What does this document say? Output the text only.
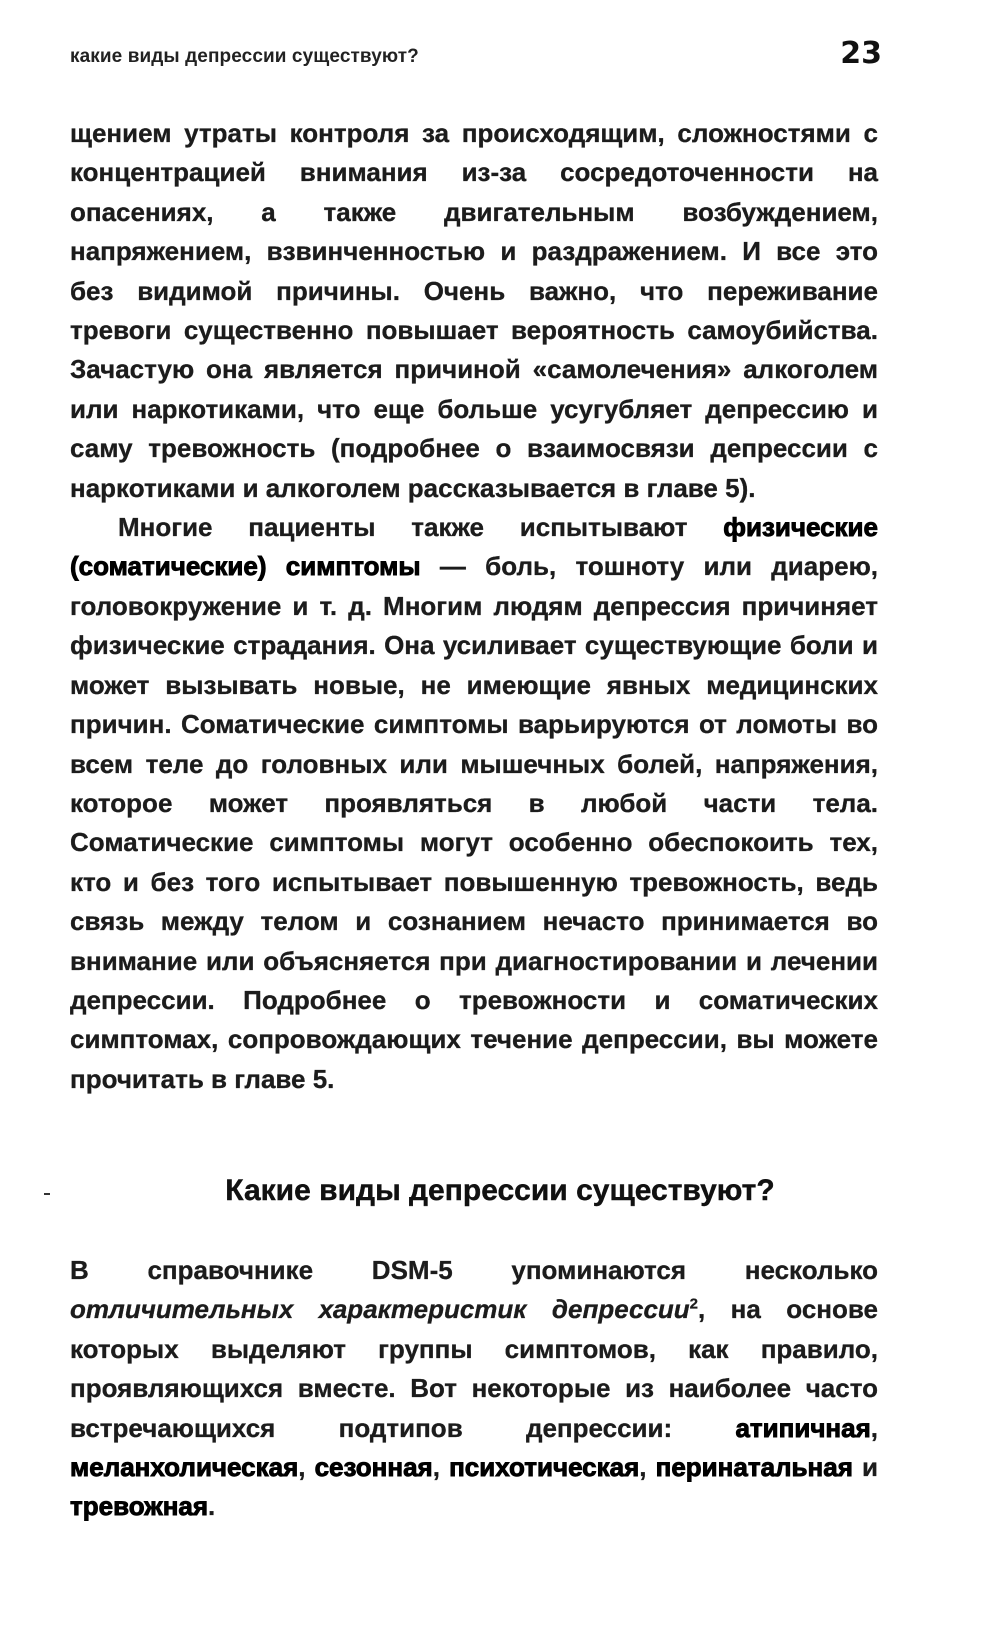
какие виды депрессии существуют?	23

щением утраты контроля за происходящим, сложностями с концентрацией внимания из-за сосредоточенности на опасениях, а также двигательным возбуждением, напряжением, взвинченностью и раздражением. И все это без видимой причины. Очень важно, что переживание тревоги существенно повышает вероятность самоубийства. Зачастую она является причиной «самолечения» алкоголем или наркотиками, что еще больше усугубляет депрессию и саму тревожность (подробнее о взаимосвязи депрессии с наркотиками и алкоголем рассказывается в главе 5).

Многие пациенты также испытывают физические (соматические) симптомы — боль, тошноту или диарею, головокружение и т. д. Многим людям депрессия причиняет физические страдания. Она усиливает существующие боли и может вызывать новые, не имеющие явных медицинских причин. Соматические симптомы варьируются от ломоты во всем теле до головных или мышечных болей, напряжения, которое может проявляться в любой части тела. Соматические симптомы могут особенно обеспокоить тех, кто и без того испытывает повышенную тревожность, ведь связь между телом и сознанием нечасто принимается во внимание или объясняется при диагностировании и лечении депрессии. Подробнее о тревожности и соматических симптомах, сопровождающих течение депрессии, вы можете прочитать в главе 5.

Какие виды депрессии существуют?

В справочнике DSM-5 упоминаются несколько отличительных характеристик депрессии$^2$, на основе которых выделяют группы симптомов, как правило, проявляющихся вместе. Вот некоторые из наиболее часто встречающихся подтипов депрессии: атипичная, меланхолическая, сезонная, психотическая, перинатальная и тревожная.
